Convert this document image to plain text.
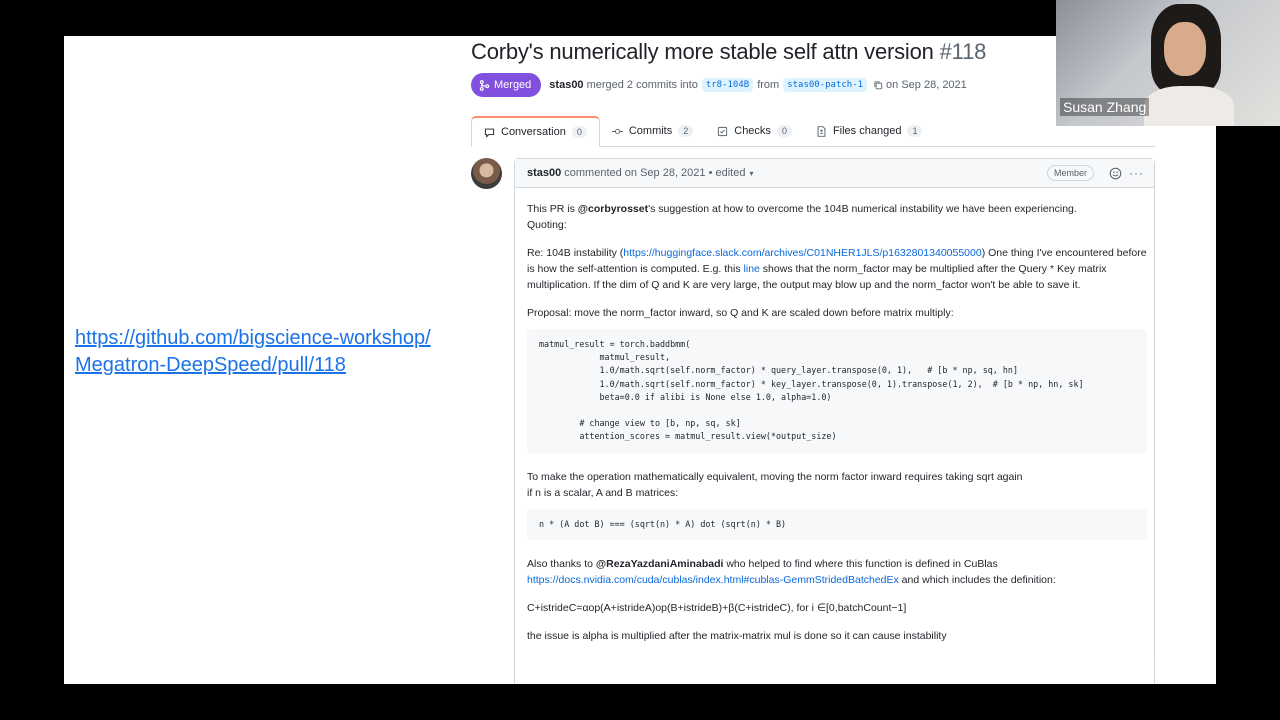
https://github.com/bigscience-workshop/
Megatron-DeepSpeed/pull/118
Corby's numerically more stable self attn version #118
Merged stas00 merged 2 commits into tr8-104B from stas00-patch-1	on Sep 28, 2021
Conversation	0	Commits	2	Checks	0	Files changed	1
stas00 commented on Sep 28, 2021 • edited ▾	Member	···

This PR is @corbyrosset's suggestion at how to overcome the 104B numerical instability we have been experiencing.
Quoting:

Re: 104B instability (https://huggingface.slack.com/archives/C01NHER1JLS/p1632801340055000) One thing I've encountered before is how the self-attention is computed. E.g. this line shows that the norm_factor may be multiplied after the Query * Key matrix multiplication. If the dim of Q and K are very large, the output may blow up and the norm_factor won't be able to save it.

Proposal: move the norm_factor inward, so Q and K are scaled down before matrix multiply:

matmul_result = torch.baddbmm(
matmul_result,
1.0/math.sqrt(self.norm_factor) * query_layer.transpose(0, 1),   # [b * np, sq, hn]
1.0/math.sqrt(self.norm_factor) * key_layer.transpose(0, 1).transpose(1, 2),  # [b * np, hn, sk]
beta=0.0 if alibi is None else 1.0, alpha=1.0)

# change view to [b, np, sq, sk]
attention_scores = matmul_result.view(*output_size)

To make the operation mathematically equivalent, moving the norm factor inward requires taking sqrt again
if n is a scalar, A and B matrices:

n * (A dot B) === (sqrt(n) * A) dot (sqrt(n) * B)

Also thanks to @RezaYazdaniAminabadi who helped to find where this function is defined in CuBlas
https://docs.nvidia.com/cuda/cublas/index.html#cublas-GemmStridedBatchedEx and which includes the definition:

C+istrideC=αop(A+istrideA)op(B+istrideB)+β(C+istrideC), for i ∈[0,batchCount−1]

the issue is alpha is multiplied after the matrix-matrix mul is done so it can cause instability

Susan Zhang
Powered by Zoom
